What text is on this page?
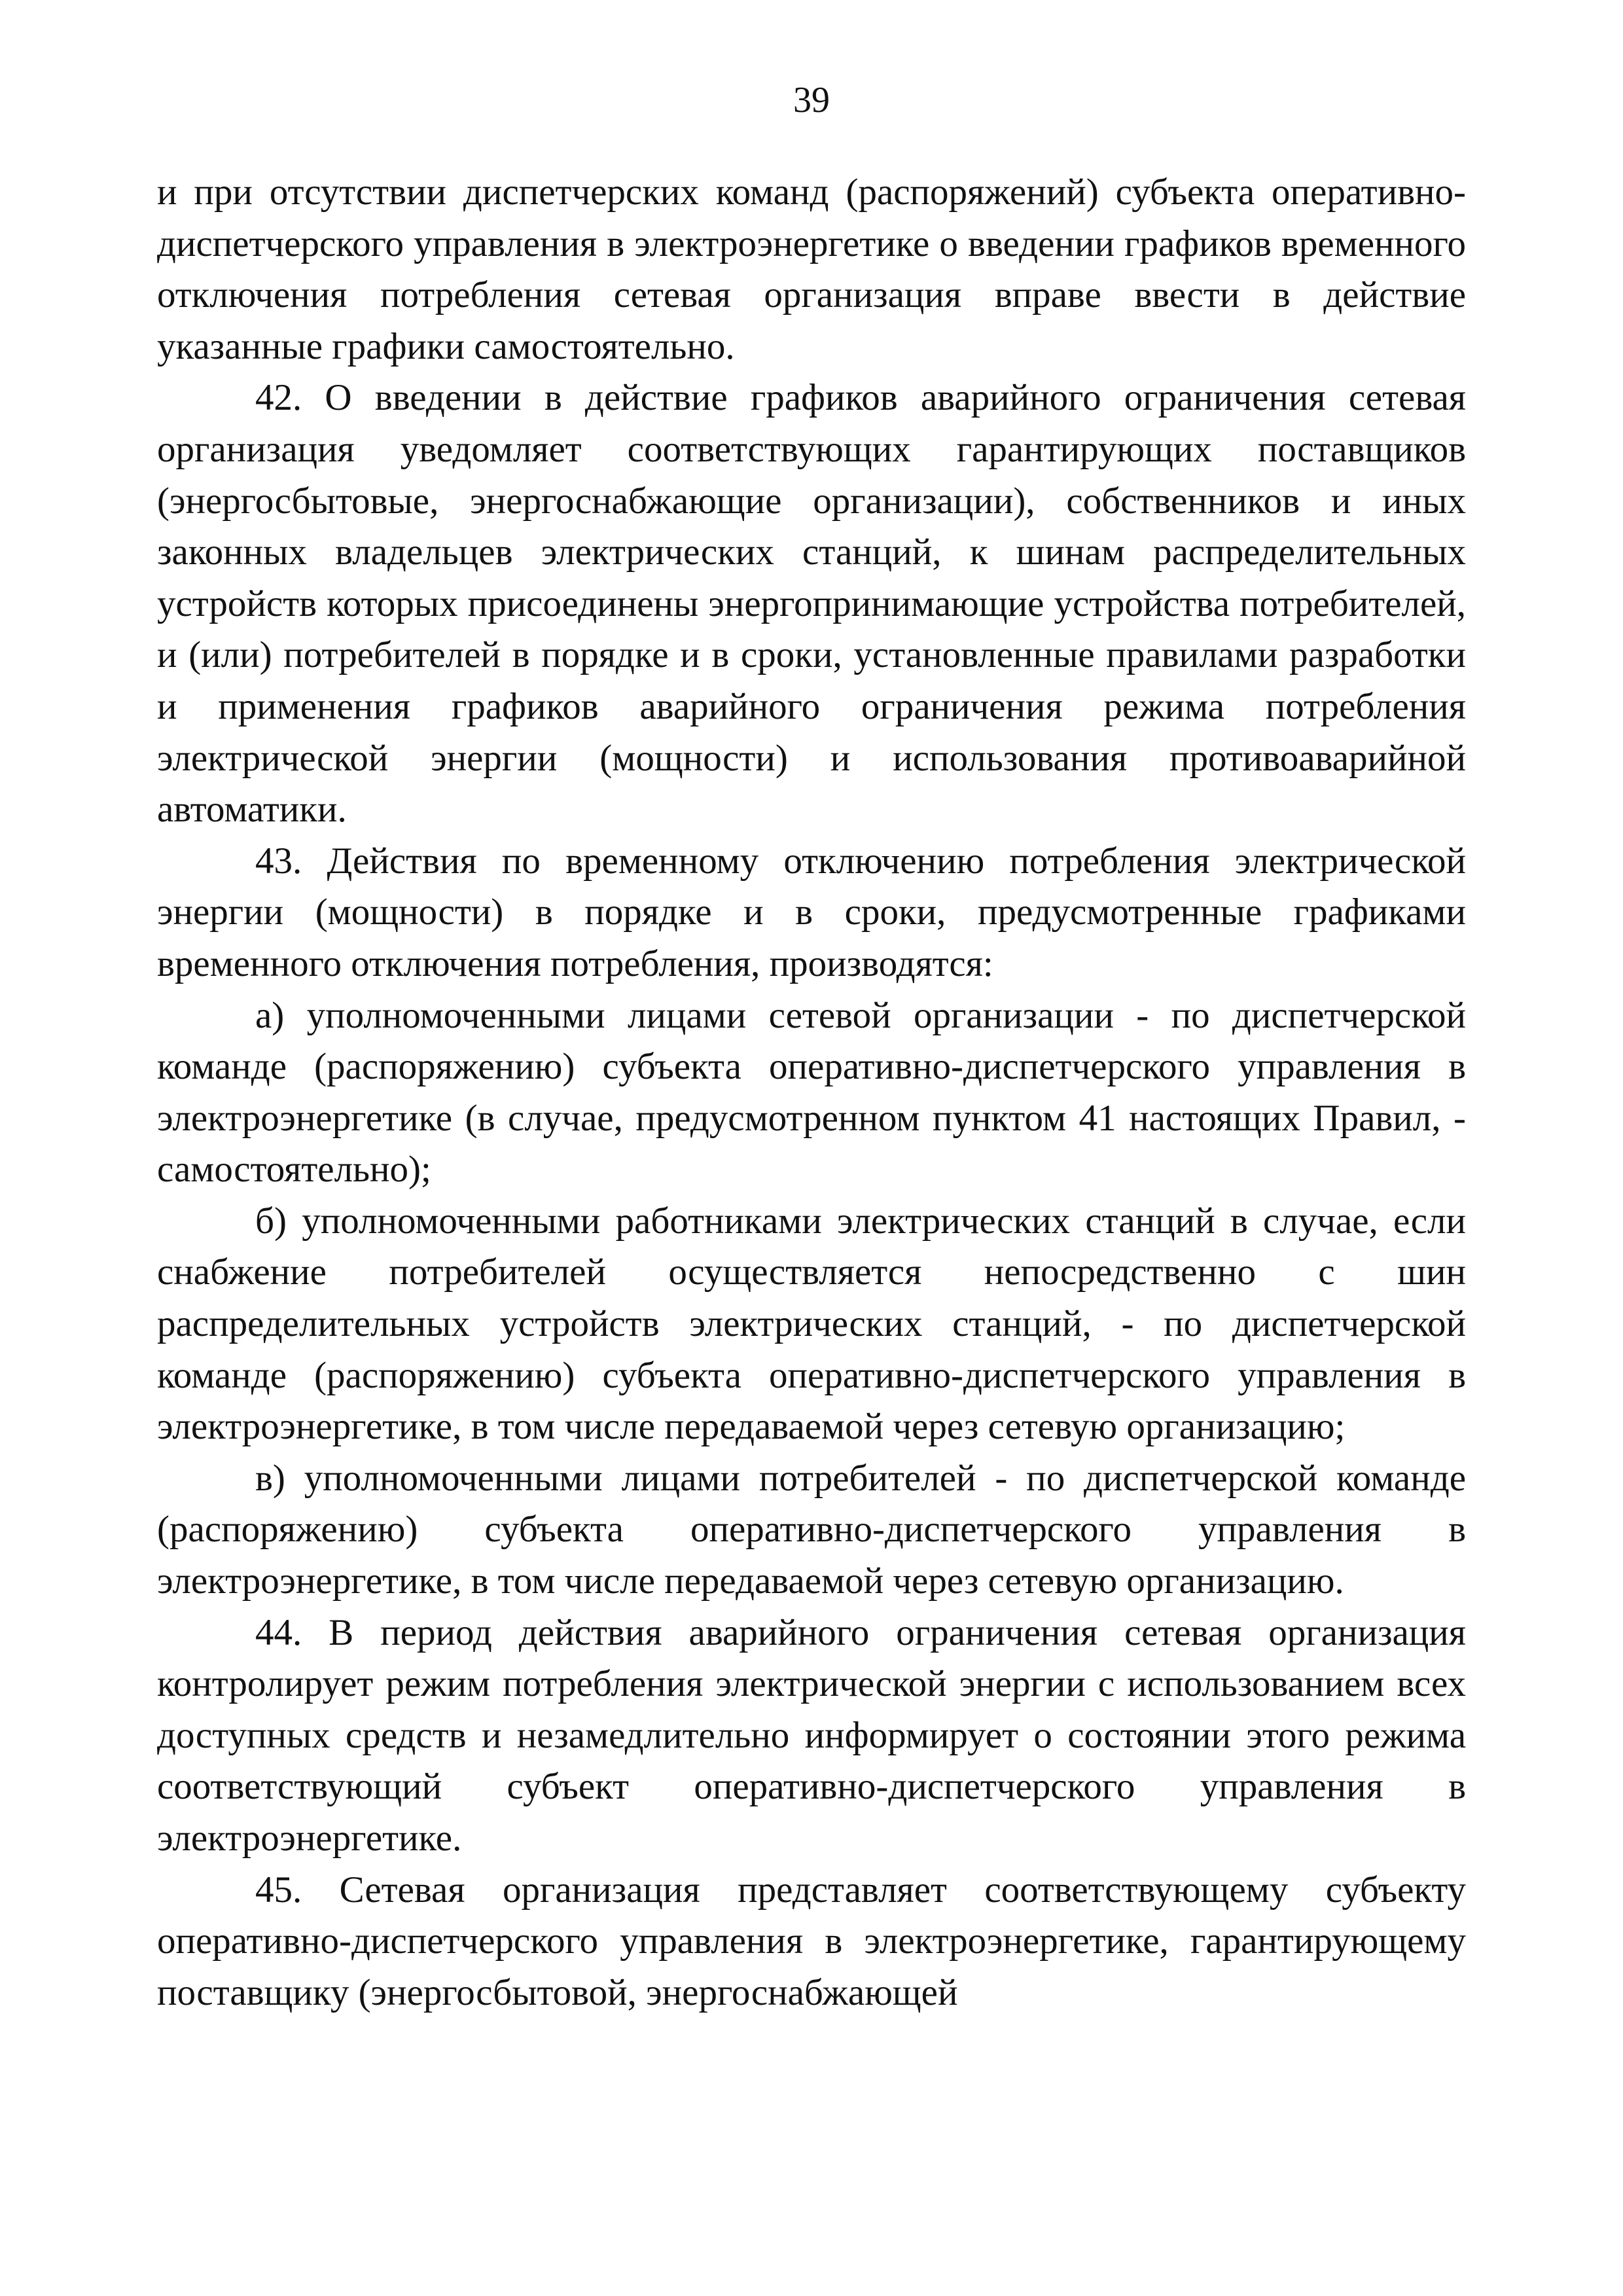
39

и при отсутствии диспетчерских команд (распоряжений) субъекта оперативно-диспетчерского управления в электроэнергетике о введении графиков временного отключения потребления сетевая организация вправе ввести в действие указанные графики самостоятельно.

42. О введении в действие графиков аварийного ограничения сетевая организация уведомляет соответствующих гарантирующих поставщиков (энергосбытовые, энергоснабжающие организации), собственников и иных законных владельцев электрических станций, к шинам распределительных устройств которых присоединены энергопринимающие устройства потребителей, и (или) потребителей в порядке и в сроки, установленные правилами разработки и применения графиков аварийного ограничения режима потребления электрической энергии (мощности) и использования противоаварийной автоматики.

43. Действия по временному отключению потребления электрической энергии (мощности) в порядке и в сроки, предусмотренные графиками временного отключения потребления, производятся:

а) уполномоченными лицами сетевой организации - по диспетчерской команде (распоряжению) субъекта оперативно-диспетчерского управления в электроэнергетике (в случае, предусмотренном пунктом 41 настоящих Правил, - самостоятельно);

б) уполномоченными работниками электрических станций в случае, если снабжение потребителей осуществляется непосредственно с шин распределительных устройств электрических станций, - по диспетчерской команде (распоряжению) субъекта оперативно-диспетчерского управления в электроэнергетике, в том числе передаваемой через сетевую организацию;

в) уполномоченными лицами потребителей - по диспетчерской команде (распоряжению) субъекта оперативно-диспетчерского управления в электроэнергетике, в том числе передаваемой через сетевую организацию.

44. В период действия аварийного ограничения сетевая организация контролирует режим потребления электрической энергии с использованием всех доступных средств и незамедлительно информирует о состоянии этого режима соответствующий субъект оперативно-диспетчерского управления в электроэнергетике.

45. Сетевая организация представляет соответствующему субъекту оперативно-диспетчерского управления в электроэнергетике, гарантирующему поставщику (энергосбытовой, энергоснабжающей
